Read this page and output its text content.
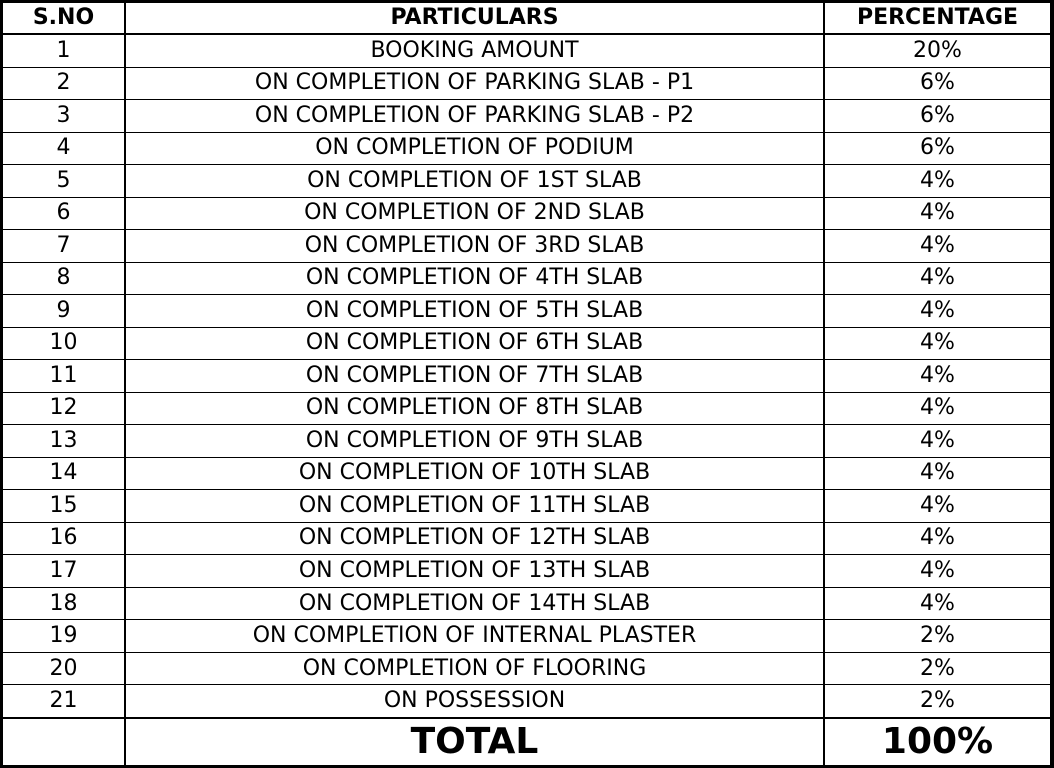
S.NO	PARTICULARS	PERCENTAGE
1	BOOKING AMOUNT	20%
2	ON COMPLETION OF PARKING SLAB - P1	6%
3	ON COMPLETION OF PARKING SLAB - P2	6%
4	ON COMPLETION OF PODIUM	6%
5	ON COMPLETION OF 1ST SLAB	4%
6	ON COMPLETION OF 2ND SLAB	4%
7	ON COMPLETION OF 3RD SLAB	4%
8	ON COMPLETION OF 4TH SLAB	4%
9	ON COMPLETION OF 5TH SLAB	4%
10	ON COMPLETION OF 6TH SLAB	4%
11	ON COMPLETION OF 7TH SLAB	4%
12	ON COMPLETION OF 8TH SLAB	4%
13	ON COMPLETION OF 9TH SLAB	4%
14	ON COMPLETION OF 10TH SLAB	4%
15	ON COMPLETION OF 11TH SLAB	4%
16	ON COMPLETION OF 12TH SLAB	4%
17	ON COMPLETION OF 13TH SLAB	4%
18	ON COMPLETION OF 14TH SLAB	4%
19	ON COMPLETION OF INTERNAL PLASTER	2%
20	ON COMPLETION OF FLOORING	2%
21	ON POSSESSION	2%
	TOTAL	100%
